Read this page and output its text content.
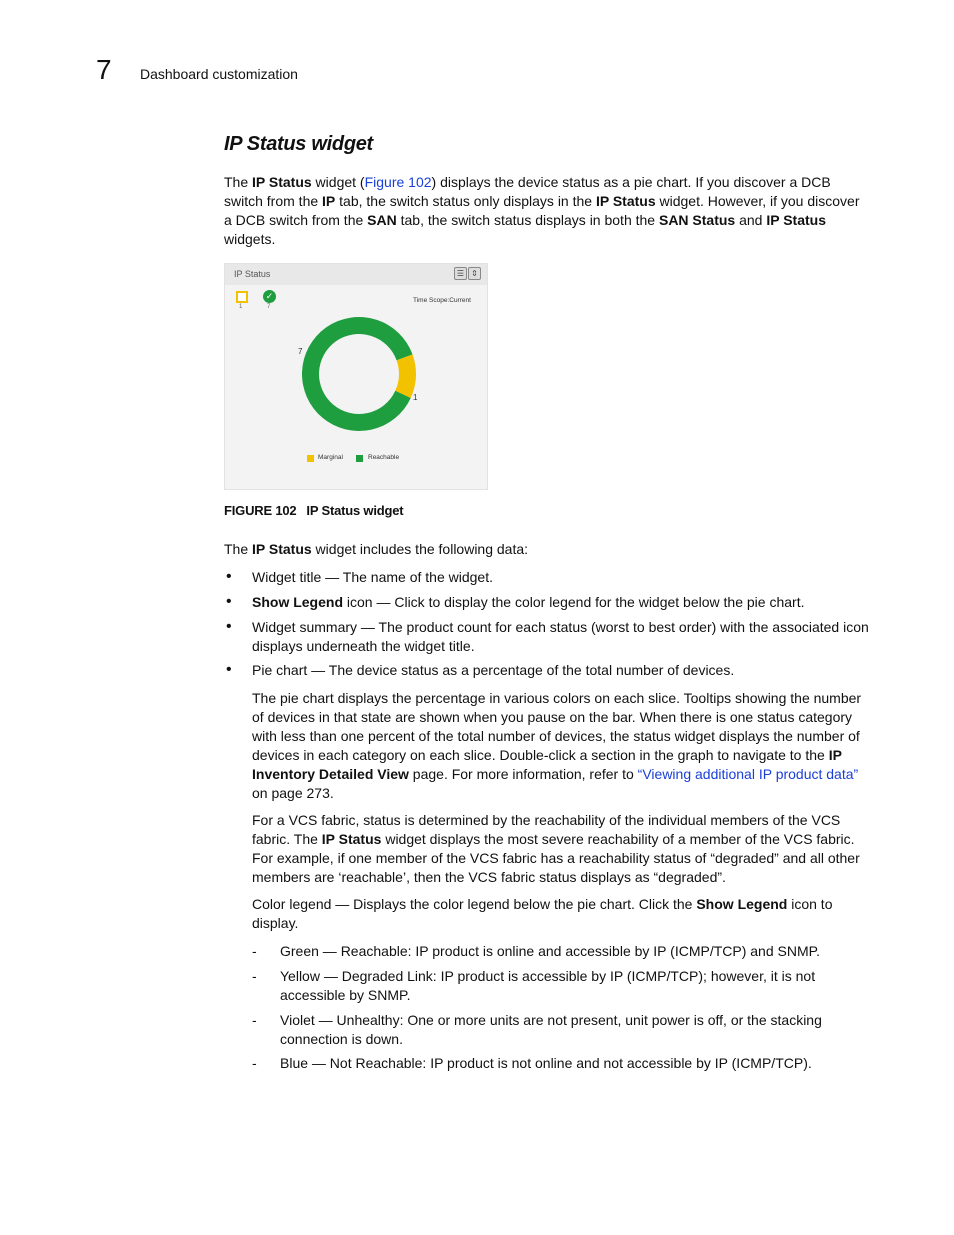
7 Dashboard customization
IP Status widget
The IP Status widget (Figure 102) displays the device status as a pie chart. If you discover a DCB switch from the IP tab, the switch status only displays in the IP Status widget. However, if you discover a DCB switch from the SAN tab, the switch status displays in both the SAN Status and IP Status widgets.
IP Status	☰ ⇕
1
✓
7
Time Scope:Current
7
1
Marginal	Reachable
FIGURE 102 IP Status widget
The IP Status widget includes the following data:
• Widget title — The name of the widget.
• Show Legend icon — Click to display the color legend for the widget below the pie chart.
• Widget summary — The product count for each status (worst to best order) with the associated icon displays underneath the widget title.
• Pie chart — The device status as a percentage of the total number of devices.
The pie chart displays the percentage in various colors on each slice. Tooltips showing the number of devices in that state are shown when you pause on the bar. When there is one status category with less than one percent of the total number of devices, the status widget displays the number of devices in each category on each slice. Double-click a section in the graph to navigate to the IP Inventory Detailed View page. For more information, refer to “Viewing additional IP product data” on page 273.
For a VCS fabric, status is determined by the reachability of the individual members of the VCS fabric. The IP Status widget displays the most severe reachability of a member of the VCS fabric. For example, if one member of the VCS fabric has a reachability status of “degraded” and all other members are ‘reachable’, then the VCS fabric status displays as “degraded”.
Color legend — Displays the color legend below the pie chart. Click the Show Legend icon to display.
- Green — Reachable: IP product is online and accessible by IP (ICMP/TCP) and SNMP.
- Yellow — Degraded Link: IP product is accessible by IP (ICMP/TCP); however, it is not accessible by SNMP.
- Violet — Unhealthy: One or more units are not present, unit power is off, or the stacking connection is down.
- Blue — Not Reachable: IP product is not online and not accessible by IP (ICMP/TCP).
